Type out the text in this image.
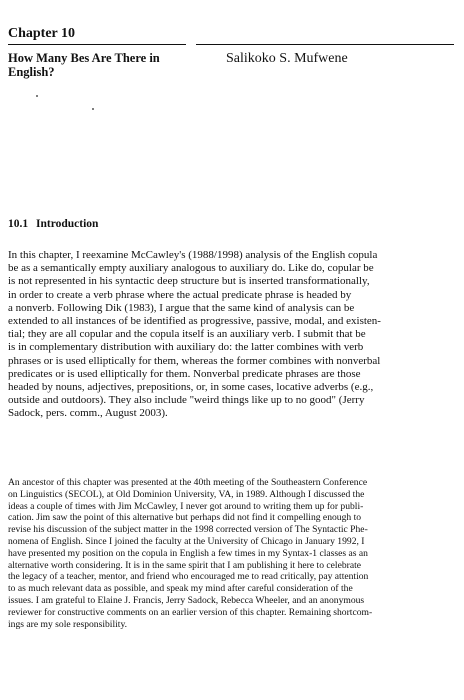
Chapter 10
How Many Bes Are There in
English?
Salikoko S. Mufwene
10.1 Introduction

In this chapter, I reexamine McCawley's (1988/1998) analysis of the English copula
be as a semantically empty auxiliary analogous to auxiliary do. Like do, copular be
is not represented in his syntactic deep structure but is inserted transformationally,
in order to create a verb phrase where the actual predicate phrase is headed by
a nonverb. Following Dik (1983), I argue that the same kind of analysis can be
extended to all instances of be identified as progressive, passive, modal, and existen-
tial; they are all copular and the copula itself is an auxiliary verb. I submit that be
is in complementary distribution with auxiliary do: the latter combines with verb
phrases or is used elliptically for them, whereas the former combines with nonverbal
predicates or is used elliptically for them. Nonverbal predicate phrases are those
headed by nouns, adjectives, prepositions, or, in some cases, locative adverbs (e.g.,
outside and outdoors). They also include "weird things like up to no good" (Jerry
Sadock, pers. comm., August 2003).

An ancestor of this chapter was presented at the 40th meeting of the Southeastern Conference
on Linguistics (SECOL), at Old Dominion University, VA, in 1989. Although I discussed the
ideas a couple of times with Jim McCawley, I never got around to writing them up for publi-
cation. Jim saw the point of this alternative but perhaps did not find it compelling enough to
revise his discussion of the subject matter in the 1998 corrected version of The Syntactic Phe-
nomena of English. Since I joined the faculty at the University of Chicago in January 1992, I
have presented my position on the copula in English a few times in my Syntax-1 classes as an
alternative worth considering. It is in the same spirit that I am publishing it here to celebrate
the legacy of a teacher, mentor, and friend who encouraged me to read critically, pay attention
to as much relevant data as possible, and speak my mind after careful consideration of the
issues. I am grateful to Elaine J. Francis, Jerry Sadock, Rebecca Wheeler, and an anonymous
reviewer for constructive comments on an earlier version of this chapter. Remaining shortcom-
ings are my sole responsibility.
